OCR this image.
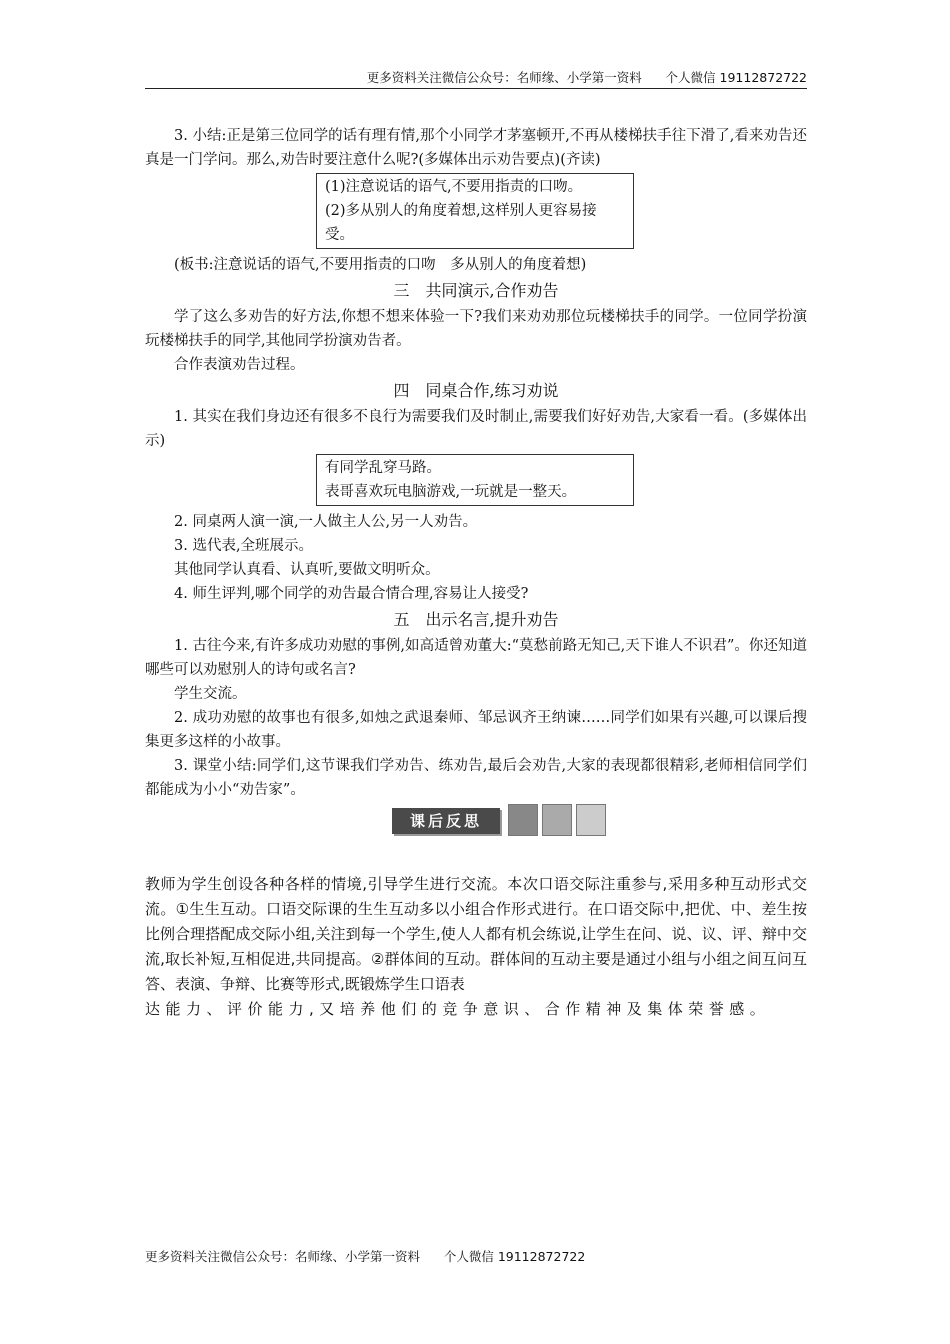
更多资料关注微信公众号：名师缘、小学第一资料      个人微信 19112872722

3. 小结:正是第三位同学的话有理有情,那个小同学才茅塞顿开,不再从楼梯扶手往下滑了,看来劝告还真是一门学问。那么,劝告时要注意什么呢?(多媒体出示劝告要点)(齐读)

(1)注意说话的语气,不要用指责的口吻。

(2)多从别人的角度着想,这样别人更容易接受。

(板书:注意说话的语气,不要用指责的口吻　多从别人的角度着想)

三　共同演示,合作劝告

学了这么多劝告的好方法,你想不想来体验一下?我们来劝劝那位玩楼梯扶手的同学。一位同学扮演玩楼梯扶手的同学,其他同学扮演劝告者。

合作表演劝告过程。

四　同桌合作,练习劝说

1. 其实在我们身边还有很多不良行为需要我们及时制止,需要我们好好劝告,大家看一看。(多媒体出示)

有同学乱穿马路。

表哥喜欢玩电脑游戏,一玩就是一整天。

2. 同桌两人演一演,一人做主人公,另一人劝告。

3. 选代表,全班展示。

其他同学认真看、认真听,要做文明听众。

4. 师生评判,哪个同学的劝告最合情合理,容易让人接受?

五　出示名言,提升劝告

1. 古往今来,有许多成功劝慰的事例,如高适曾劝董大:“莫愁前路无知己,天下谁人不识君”。你还知道哪些可以劝慰别人的诗句或名言?

学生交流。

2. 成功劝慰的故事也有很多,如烛之武退秦师、邹忌讽齐王纳谏……同学们如果有兴趣,可以课后搜集更多这样的小故事。

3. 课堂小结:同学们,这节课我们学劝告、练劝告,最后会劝告,大家的表现都很精彩,老师相信同学们都能成为小小“劝告家”。

课后反思
教师为学生创设各种各样的情境,引导学生进行交流。本次口语交际注重参与,采用多种互动形式交流。①生生互动。口语交际课的生生互动多以小组合作形式进行。在口语交际中,把优、中、差生按比例合理搭配成交际小组,关注到每一个学生,使人人都有机会练说,让学生在问、说、议、评、辩中交流,取长补短,互相促进,共同提高。②群体间的互动。群体间的互动主要是通过小组与小组之间互问互答、表演、争辩、比赛等形式,既锻炼学生口语表
达能力、评价能力,又培养他们的竞争意识、合作精神及集体荣誉感。
更多资料关注微信公众号：名师缘、小学第一资料      个人微信 19112872722
